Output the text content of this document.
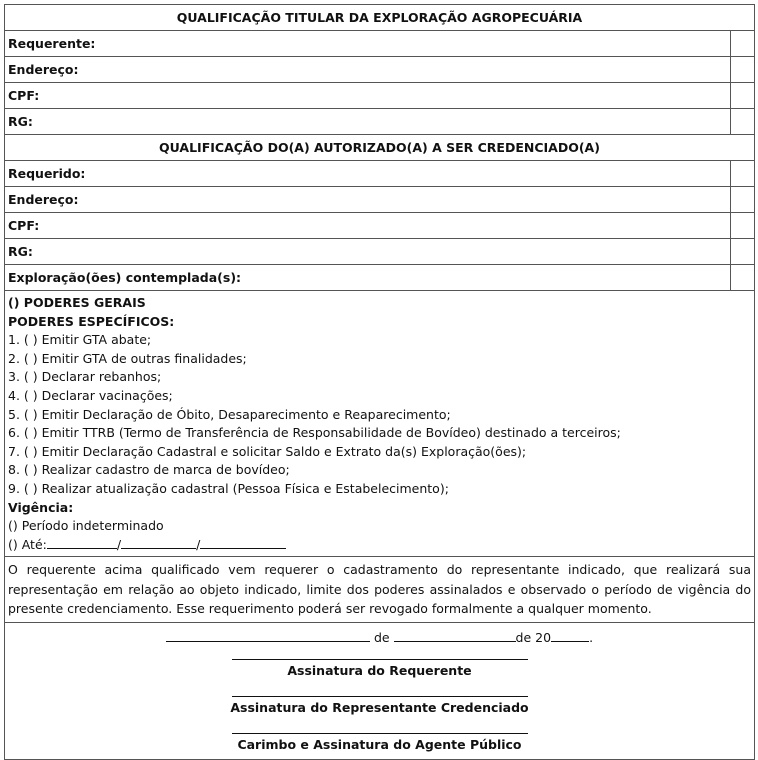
QUALIFICAÇÃO TITULAR DA EXPLORAÇÃO AGROPECUÁRIA
Requerente:
Endereço:
CPF:
RG:
QUALIFICAÇÃO DO(A) AUTORIZADO(A) A SER CREDENCIADO(A)
Requerido:
Endereço:
CPF:
RG:
Exploração(ões) contemplada(s):
() PODERES GERAIS
PODERES ESPECÍFICOS:
1. ( ) Emitir GTA abate;
2. ( ) Emitir GTA de outras finalidades;
3. ( ) Declarar rebanhos;
4. ( ) Declarar vacinações;
5. ( ) Emitir Declaração de Óbito, Desaparecimento e Reaparecimento;
6. ( ) Emitir TTRB (Termo de Transferência de Responsabilidade de Bovídeo) destinado a terceiros;
7. ( ) Emitir Declaração Cadastral e solicitar Saldo e Extrato da(s) Exploração(ões);
8. ( ) Realizar cadastro de marca de bovídeo;
9. ( ) Realizar atualização cadastral (Pessoa Física e Estabelecimento);
Vigência:
() Período indeterminado
() Até:	/	/
O requerente acima qualificado vem requerer o cadastramento do representante indicado, que realizará sua representação em relação ao objeto indicado, limite dos poderes assinalados e observado o período de vigência do presente credenciamento. Esse requerimento poderá ser revogado formalmente a qualquer momento.
de	de 20	.
Assinatura do Requerente
Assinatura do Representante Credenciado
Carimbo e Assinatura do Agente Público
